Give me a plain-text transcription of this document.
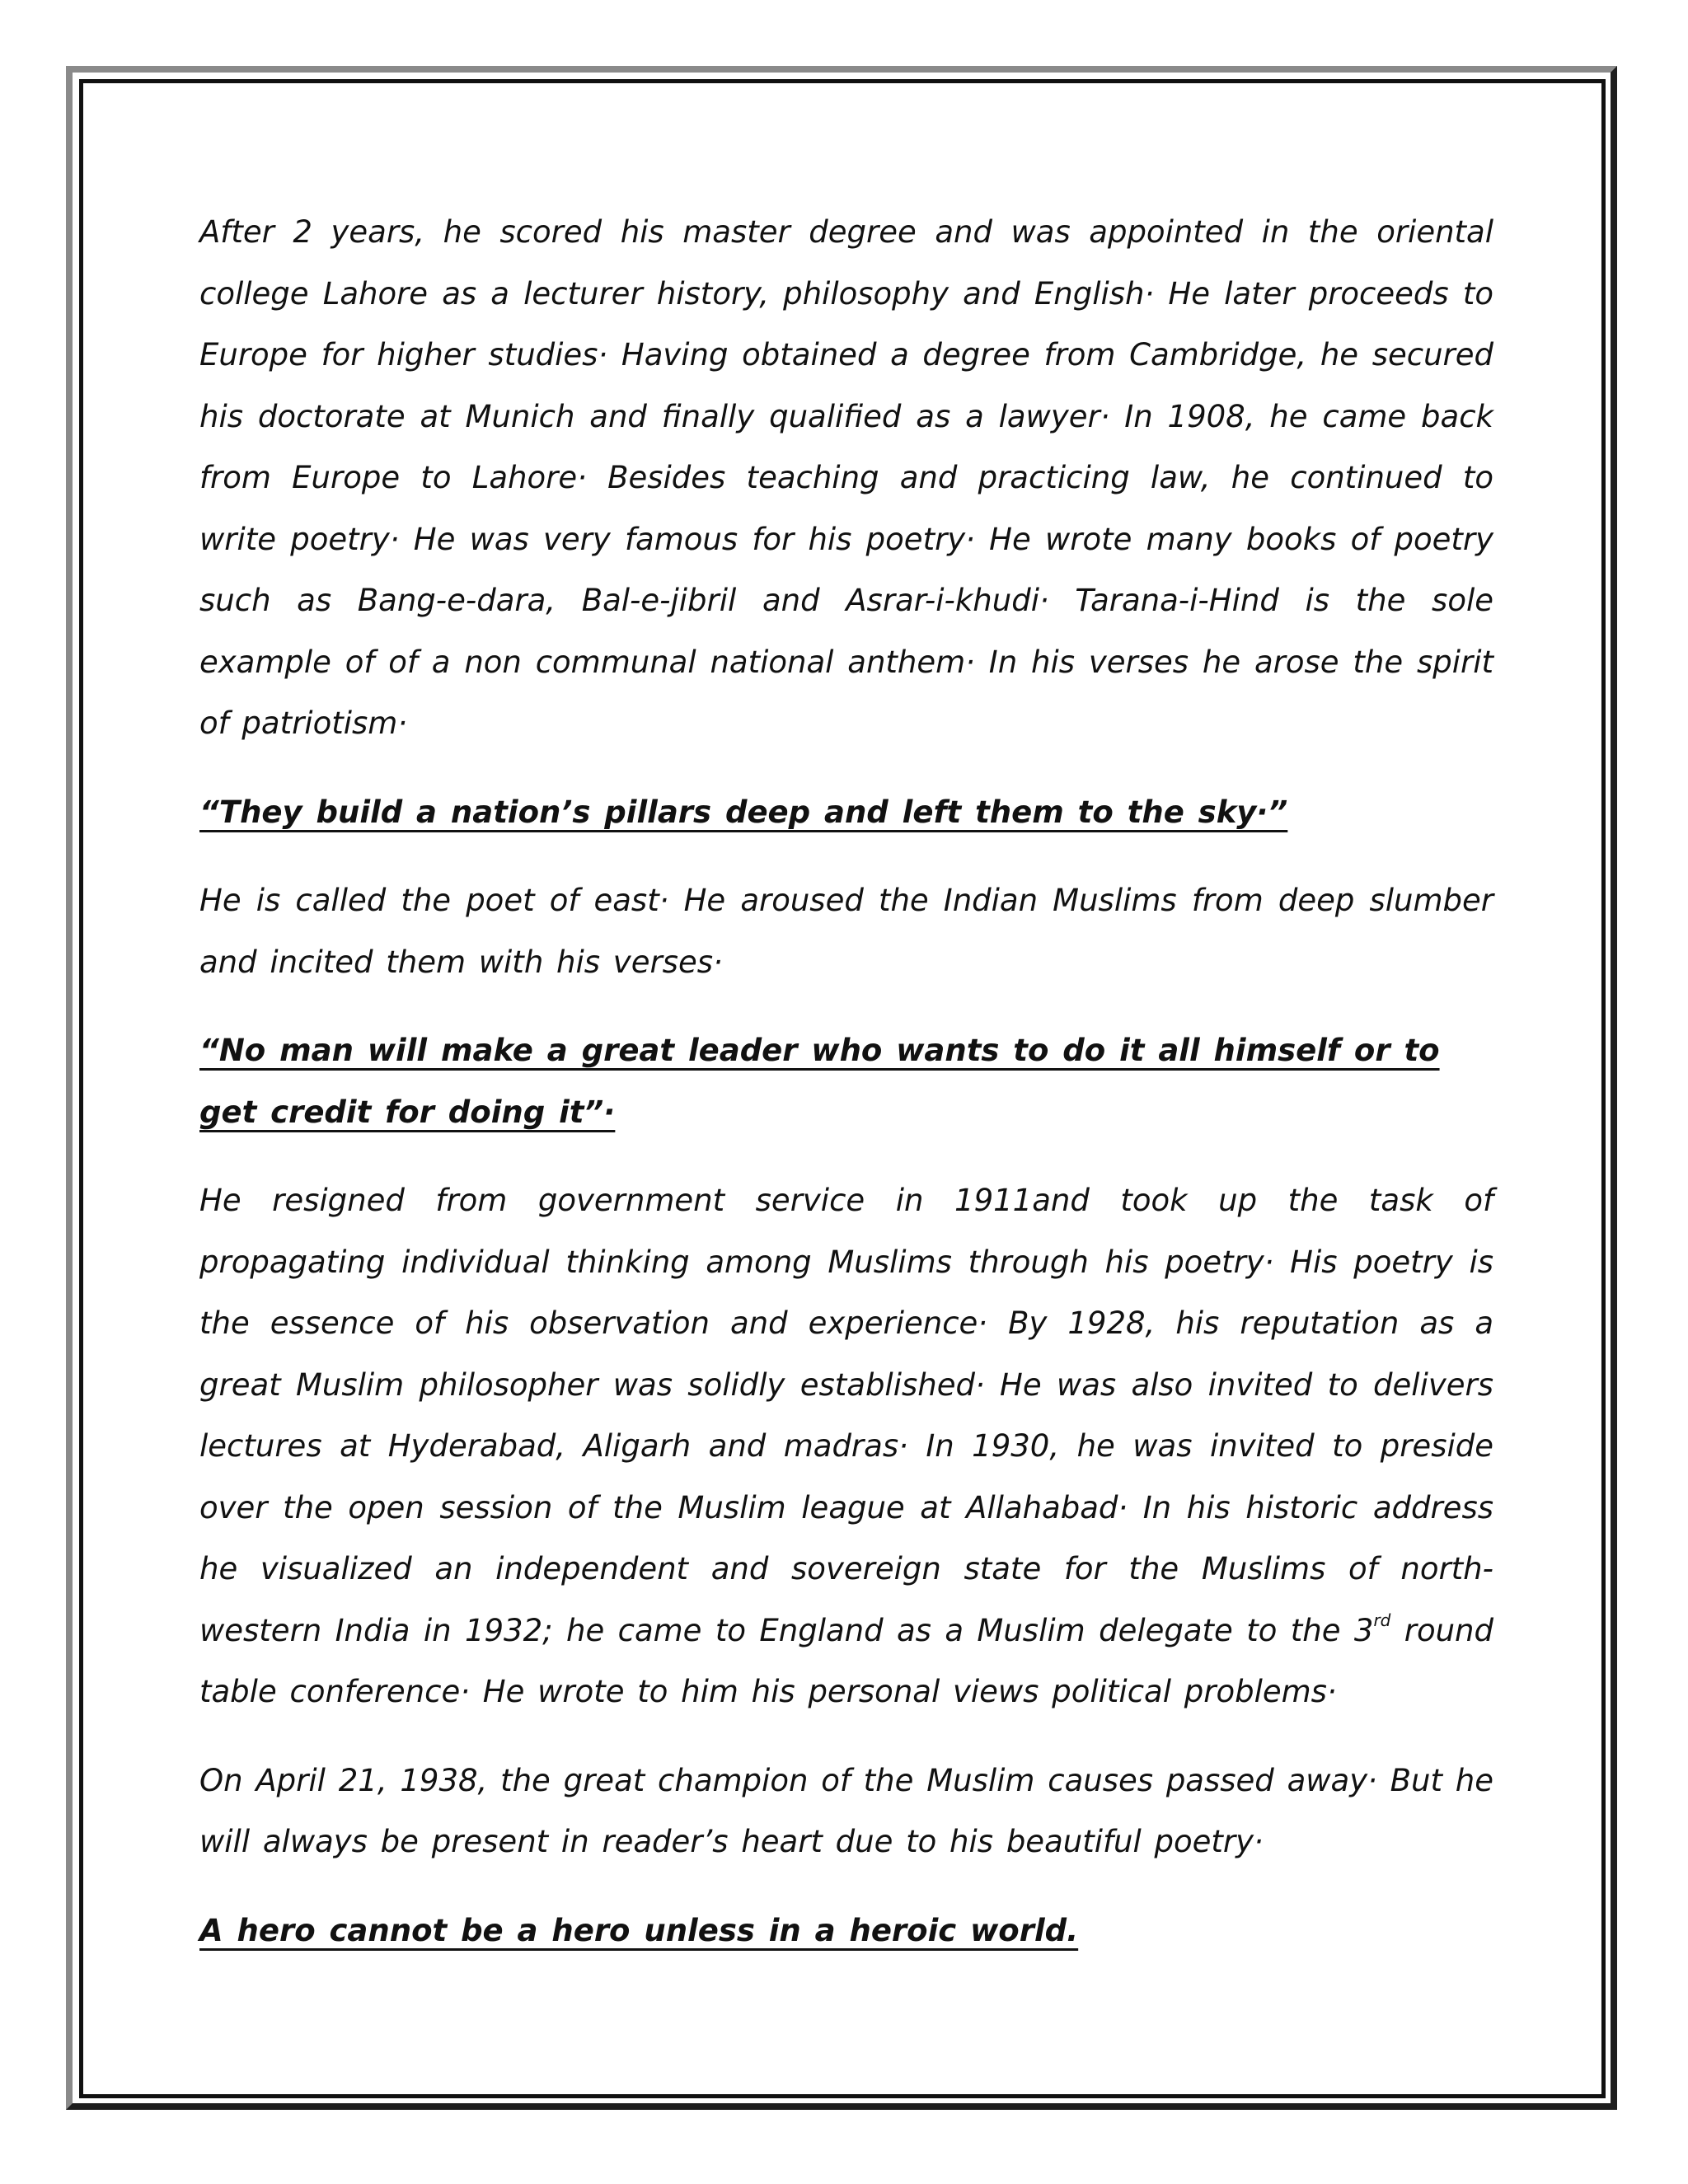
After 2 years, he scored his master degree and was appointed in the oriental college Lahore as a lecturer history, philosophy and English· He later proceeds to Europe for higher studies· Having obtained a degree from Cambridge, he secured his doctorate at Munich and finally qualified as a lawyer· In 1908, he came back from Europe to Lahore· Besides teaching and practicing law, he continued to write poetry· He was very famous for his poetry· He wrote many books of poetry such as Bang-e-dara, Bal-e-jibril and Asrar-i-khudi· Tarana-i-Hind is the sole example of of a non communal national anthem· In his verses he arose the spirit of patriotism·

“They build a nation’s pillars deep and left them to the sky·”

He is called the poet of east· He aroused the Indian Muslims from deep slumber and incited them with his verses·

“No man will make a great leader who wants to do it all himself or to get credit for doing it”·

He resigned from government service in 1911and took up the task of propagating individual thinking among Muslims through his poetry· His poetry is the essence of his observation and experience· By 1928, his reputation as a great Muslim philosopher was solidly established· He was also invited to delivers lectures at Hyderabad, Aligarh and madras· In 1930, he was invited to preside over the open session of the Muslim league at Allahabad· In his historic address he visualized an independent and sovereign state for the Muslims of north-western India in 1932; he came to England as a Muslim delegate to the 3rd round table conference· He wrote to him his personal views political problems·

On April 21, 1938, the great champion of the Muslim causes passed away· But he will always be present in reader’s heart due to his beautiful poetry·

A hero cannot be a hero unless in a heroic world.
